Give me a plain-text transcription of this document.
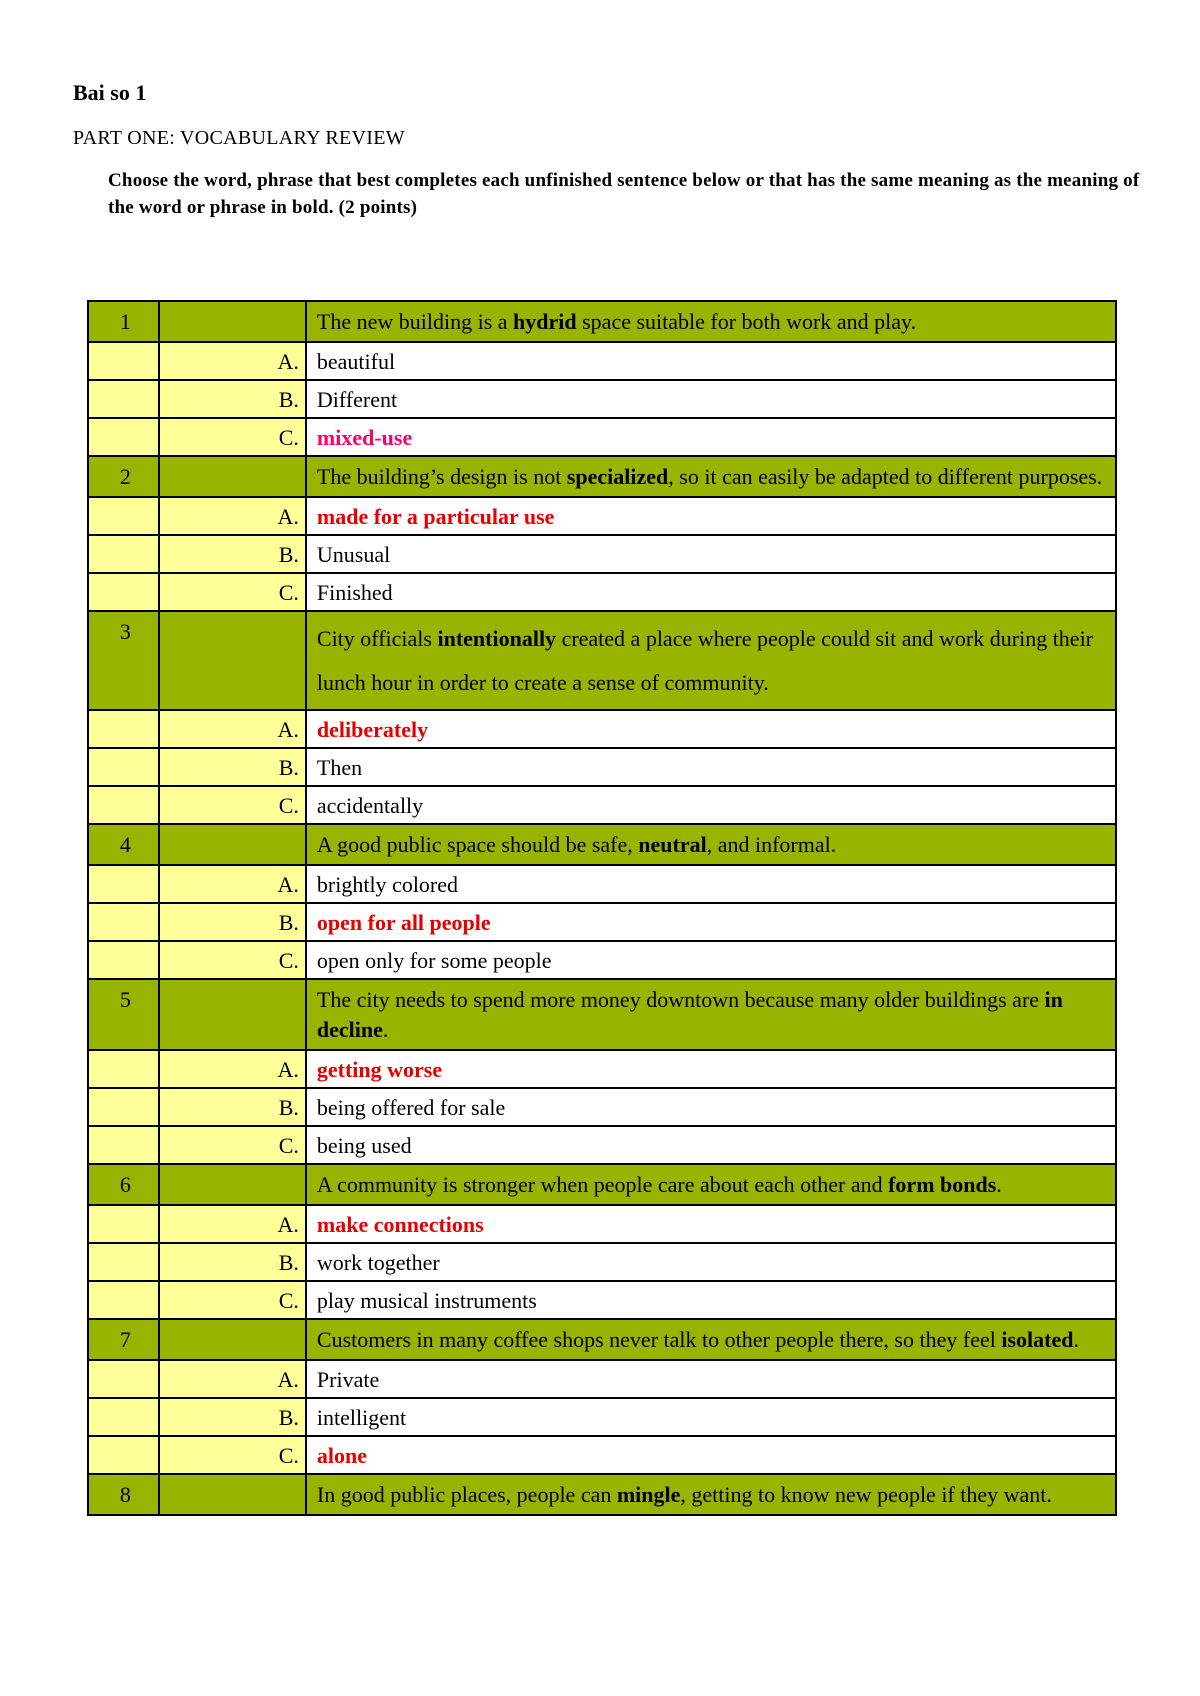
Bai so 1

PART ONE: VOCABULARY REVIEW

Choose the word, phrase that best completes each unfinished sentence below or that has the same meaning as the meaning of the word or phrase in bold. (2 points)

1		The new building is a hydrid space suitable for both work and play.
	A.	beautiful
	B.	Different
	C.	mixed-use
2		The building’s design is not specialized, so it can easily be adapted to different purposes.
	A.	made for a particular use
	B.	Unusual
	C.	Finished
3		City officials intentionally created a place where people could sit and work during their lunch hour in order to create a sense of community.
	A.	deliberately
	B.	Then
	C.	accidentally
4		A good public space should be safe, neutral, and informal.
	A.	brightly colored
	B.	open for all people
	C.	open only for some people
5		The city needs to spend more money downtown because many older buildings are in decline.
	A.	getting worse
	B.	being offered for sale
	C.	being used
6		A community is stronger when people care about each other and form bonds.
	A.	make connections
	B.	work together
	C.	play musical instruments
7		Customers in many coffee shops never talk to other people there, so they feel isolated.
	A.	Private
	B.	intelligent
	C.	alone
8		In good public places, people can mingle, getting to know new people if they want.
